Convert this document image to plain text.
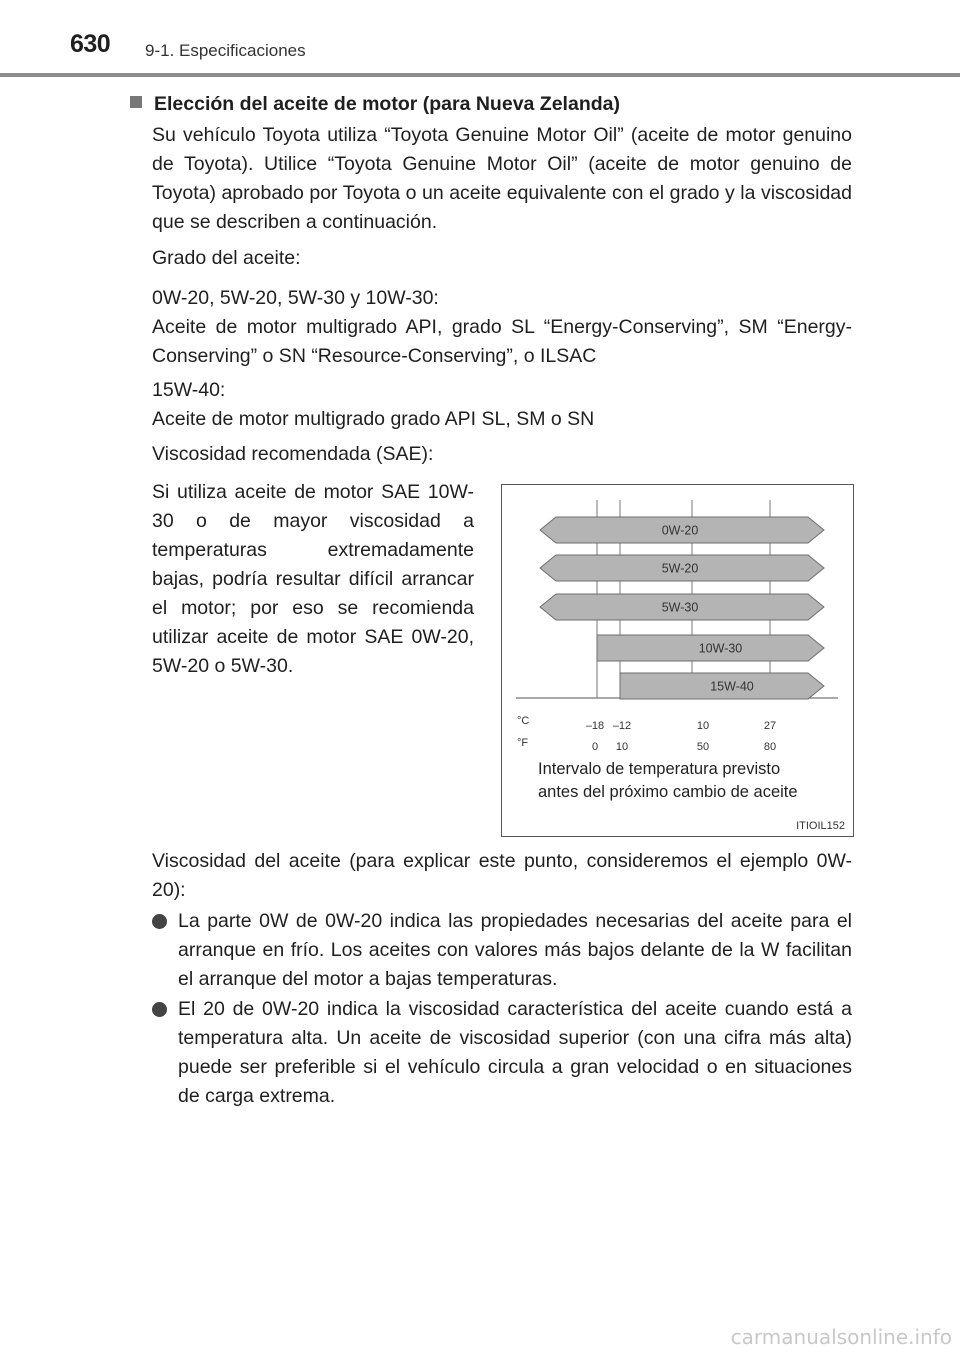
630 9-1. Especificaciones
Elección del aceite de motor (para Nueva Zelanda)

Su vehículo Toyota utiliza “Toyota Genuine Motor Oil” (aceite de motor genuino de Toyota). Utilice “Toyota Genuine Motor Oil” (aceite de motor genuino de Toyota) aprobado por Toyota o un aceite equivalente con el grado y la viscosidad que se describen a continuación.

Grado del aceite:

0W-20, 5W-20, 5W-30 y 10W-30:

Aceite de motor multigrado API, grado SL “Energy-Conserving”, SM “Energy-Conserving” o SN “Resource-Conserving”, o ILSAC

15W-40:

Aceite de motor multigrado grado API SL, SM o SN

Viscosidad recomendada (SAE):

Si utiliza aceite de motor SAE 10W-30 o de mayor viscosidad a temperaturas extremadamente bajas, podría resultar difícil arrancar el motor; por eso se recomienda utilizar aceite de motor SAE 0W-20, 5W-20 o 5W-30.

0W-20
5W-20
5W-30
10W-30
15W-40
°C
°F
–18 –12	10	27
0 10	50	80
Intervalo de temperatura previsto
antes del próximo cambio de aceite
ITIOIL152

Viscosidad del aceite (para explicar este punto, consideremos el ejemplo 0W-20):

La parte 0W de 0W-20 indica las propiedades necesarias del aceite para el arranque en frío. Los aceites con valores más bajos delante de la W facilitan el arranque del motor a bajas temperaturas.
El 20 de 0W-20 indica la viscosidad característica del aceite cuando está a temperatura alta. Un aceite de viscosidad superior (con una cifra más alta) puede ser preferible si el vehículo circula a gran velocidad o en situaciones de carga extrema.
carmanualsonline.info
